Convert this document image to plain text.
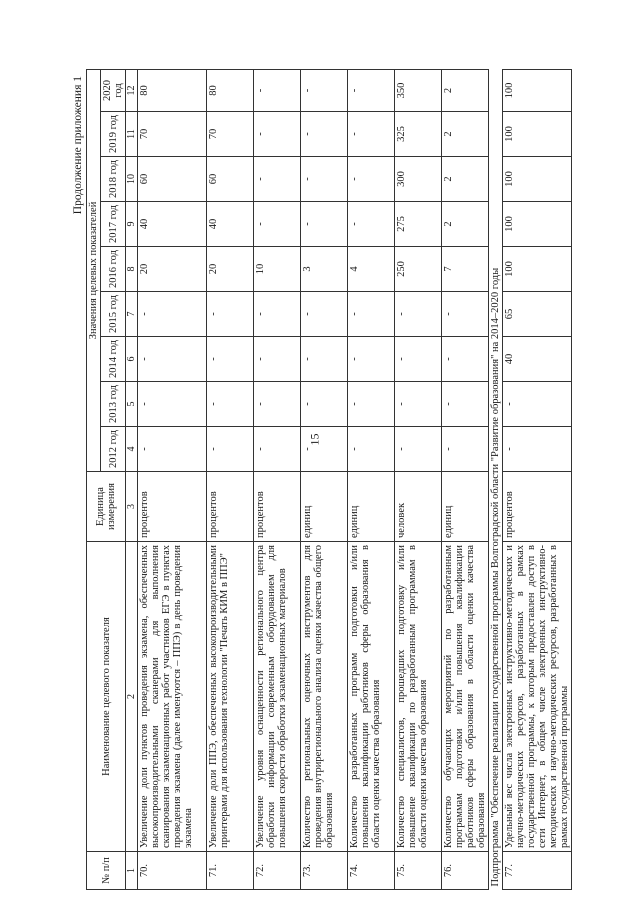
15
Продолжение приложения 1
№ п/п	Наименование целевого показателя	Единица измерения	Значения целевых показателей								
			2012 год	2013 год	2014 год	2015 год	2016 год	2017 год	2018 год	2019 год	2020 год
1	2	3	4	5	6	7	8	9	10	11	12
70.	Увеличение доли пунктов проведения экзамена, обеспеченных высокопроизводительными сканерами для выполнения сканирования экзаменационных работ участников ЕГЭ в пунктах проведения экзамена (далее именуются – ППЭ) в день проведения экзамена	процентов	-	-	-	-	20	40	60	70	80
71.	Увеличение доли ППЭ, обеспеченных высокопроизводительными принтерами для использования технологии "Печать КИМ в ППЭ"	процентов	-	-	-	-	20	40	60	70	80
72.	Увеличение уровня оснащенности регионального центра обработки информации современным оборудованием для повышения скорости обработки экзаменационных материалов	процентов	-	-	-	-	10	-	-	-	-
73.	Количество региональных оценочных инструментов для проведения внутрирегионального анализа оценки качества общего образования	единиц	-	-	-	-	3	-	-	-	-
74.	Количество разработанных программ подготовки и/или повышения квалификации работников сферы образования в области оценки качества образования	единиц	-	-	-	-	4	-	-	-	-
75.	Количество специалистов, прошедших подготовку и/или повышение квалификации по разработанным программам в области оценки качества образования	человек	-	-	-	-	250	275	300	325	350
76.	Количество обучающих мероприятий по разработанным программам подготовки и/или повышения квалификации работников сферы образования в области оценки качества образования	единиц	-	-	-	-	7	2	2	2	2
Подпрограмма "Обеспечение реализации государственной программы Волгоградской области "Развитие образования" на 2014–2020 годы											
77.	Удельный вес числа электронных инструктивно-методических и научно-методических ресурсов, разработанных в рамках государственной программы, к которым предоставлен доступ в сети Интернет, в общем числе электронных инструктивно-методических и научно-методических ресурсов, разработанных в рамках государственной программы	процентов	-	-	40	65	100	100	100	100	100
